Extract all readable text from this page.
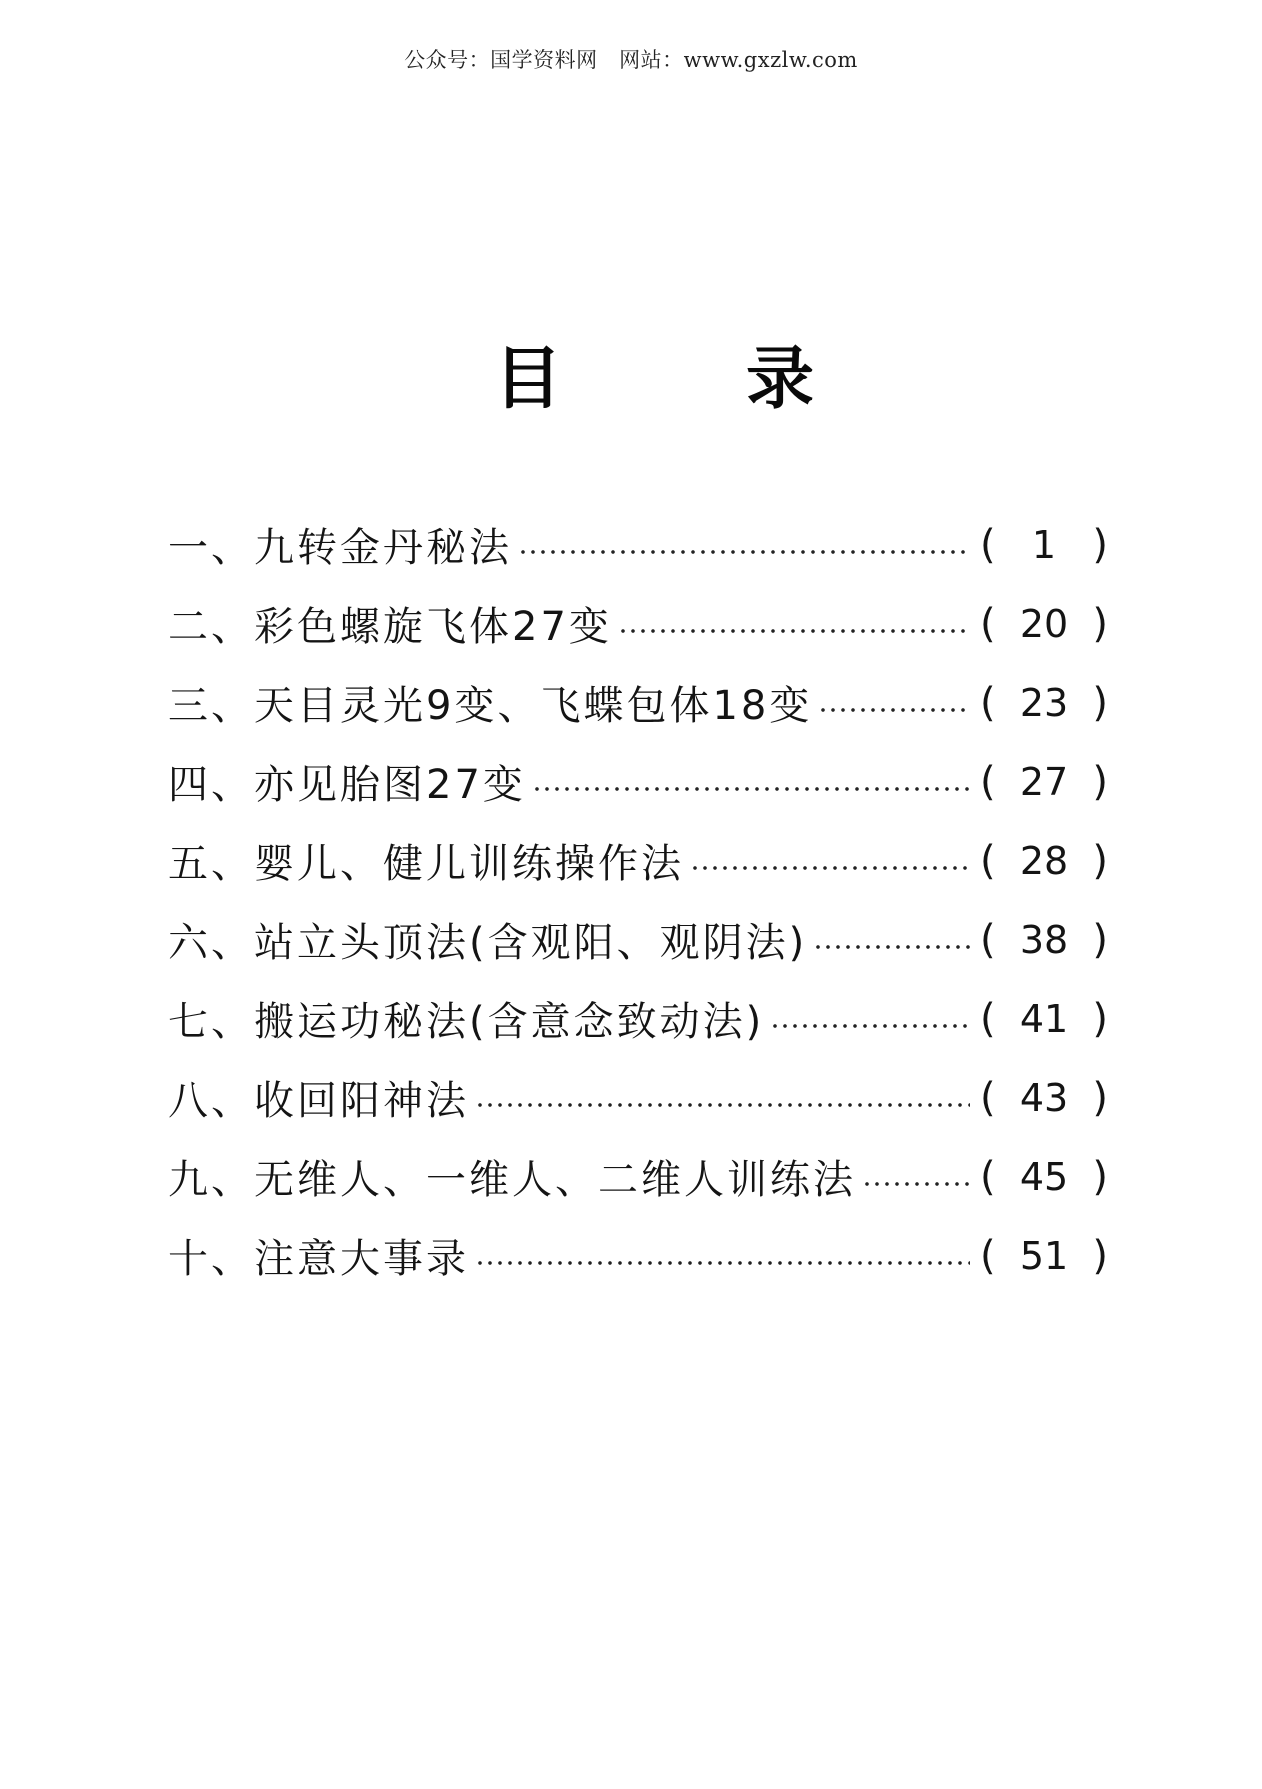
公众号：国学资料网   网站：www.gxzlw.com
目	录
一、九转金丹秘法	( 1 )
二、彩色螺旋飞体27变	( 20 )
三、天目灵光9变、飞蝶包体18变	( 23 )
四、亦见胎图27变	( 27 )
五、婴儿、健儿训练操作法	( 28 )
六、站立头顶法(含观阳、观阴法)	( 38 )
七、搬运功秘法(含意念致动法)	( 41 )
八、收回阳神法	( 43 )
九、无维人、一维人、二维人训练法	( 45 )
十、注意大事录	( 51 )
